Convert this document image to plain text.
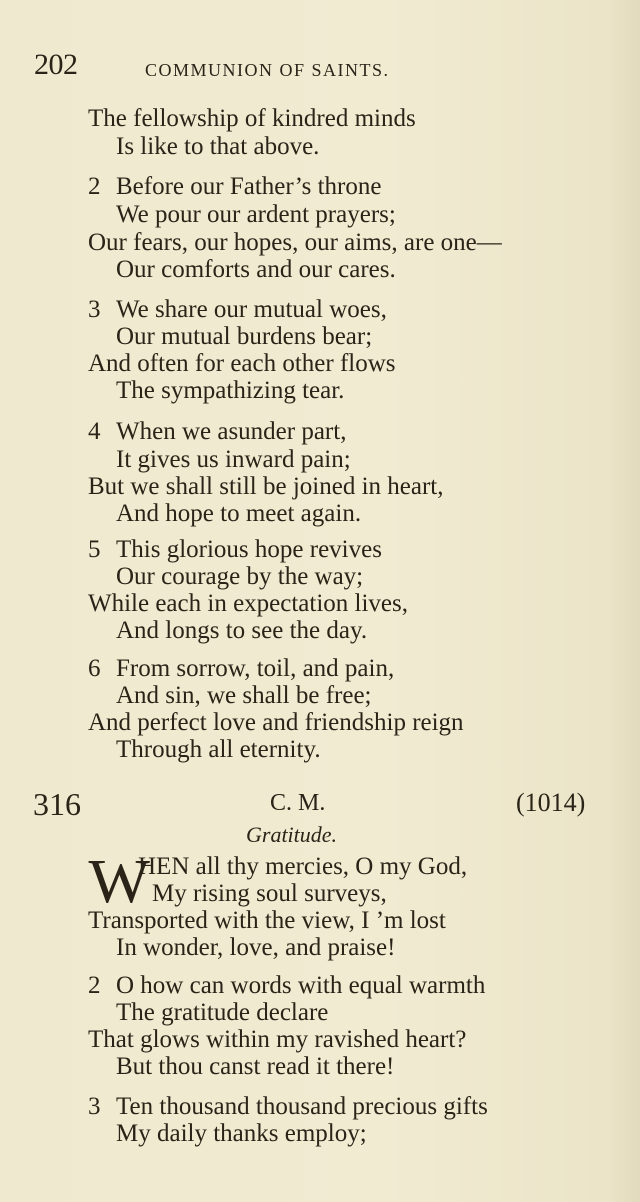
202	COMMUNION OF SAINTS.
The fellowship of kindred minds
Is like to that above.
2 Before our Father’s throne
We pour our ardent prayers;
Our fears, our hopes, our aims, are one—
Our comforts and our cares.
3 We share our mutual woes,
Our mutual burdens bear;
And often for each other flows
The sympathizing tear.
4 When we asunder part,
It gives us inward pain;
But we shall still be joined in heart,
And hope to meet again.
5 This glorious hope revives
Our courage by the way;
While each in expectation lives,
And longs to see the day.
6 From sorrow, toil, and pain,
And sin, we shall be free;
And perfect love and friendship reign
Through all eternity.
316	C. M.	(1014)
Gratitude.
W
HEN all thy mercies, O my God,
My rising soul surveys,
Transported with the view, I ’m lost
In wonder, love, and praise!
2 O how can words with equal warmth
The gratitude declare
That glows within my ravished heart?
But thou canst read it there!
3 Ten thousand thousand precious gifts
My daily thanks employ;
